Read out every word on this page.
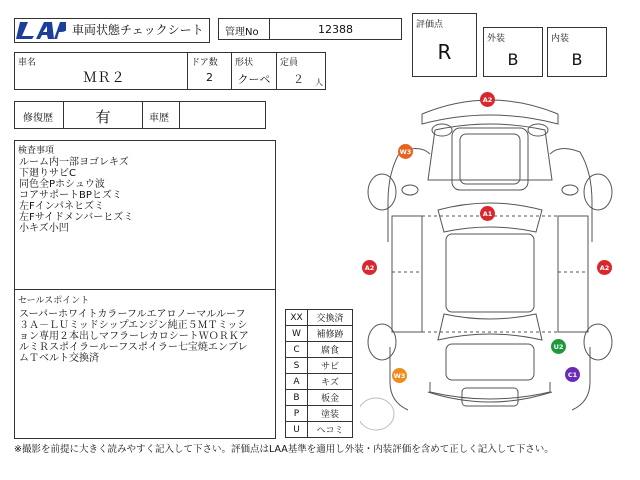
車両状態チェックシート 管理No	12388	評価点
R
外装
B
内装
B
車名
ＭＲ２
ドア数
2
形状
クーペ
定員
２ 人
修復歴	有	車歴
検査事項
ルーム内一部ヨゴレキズ
下廻りサビC
同色全Pホシュウ波
コアサポートBPヒズミ
左Fインパネヒズミ
左Fサイドメンバーヒズミ
小キズ小凹
セールスポイント
スーパーホワイトカラーフルエアロノーマルルーフ
３Ａ－ＬＵミッドシップエンジン純正５ＭＴミッシ
ョン専用２本出しマフラーレカロシートＷＯＲＫア
ルミＲスポイラールーフスポイラー七宝焼エンブレ
ムＴベルト交換済
XX	交換済
W	補修跡
C	腐食
S	サビ
A	キズ
B	板金
P	塗装
U	ヘコミ
A2
W3
A1
A2	A2
U2
W3	C1
※撮影を前提に大きく読みやすく記入して下さい。評価点はLAA基準を適用し外装・内装評価を含めて正しく記入して下さい。
